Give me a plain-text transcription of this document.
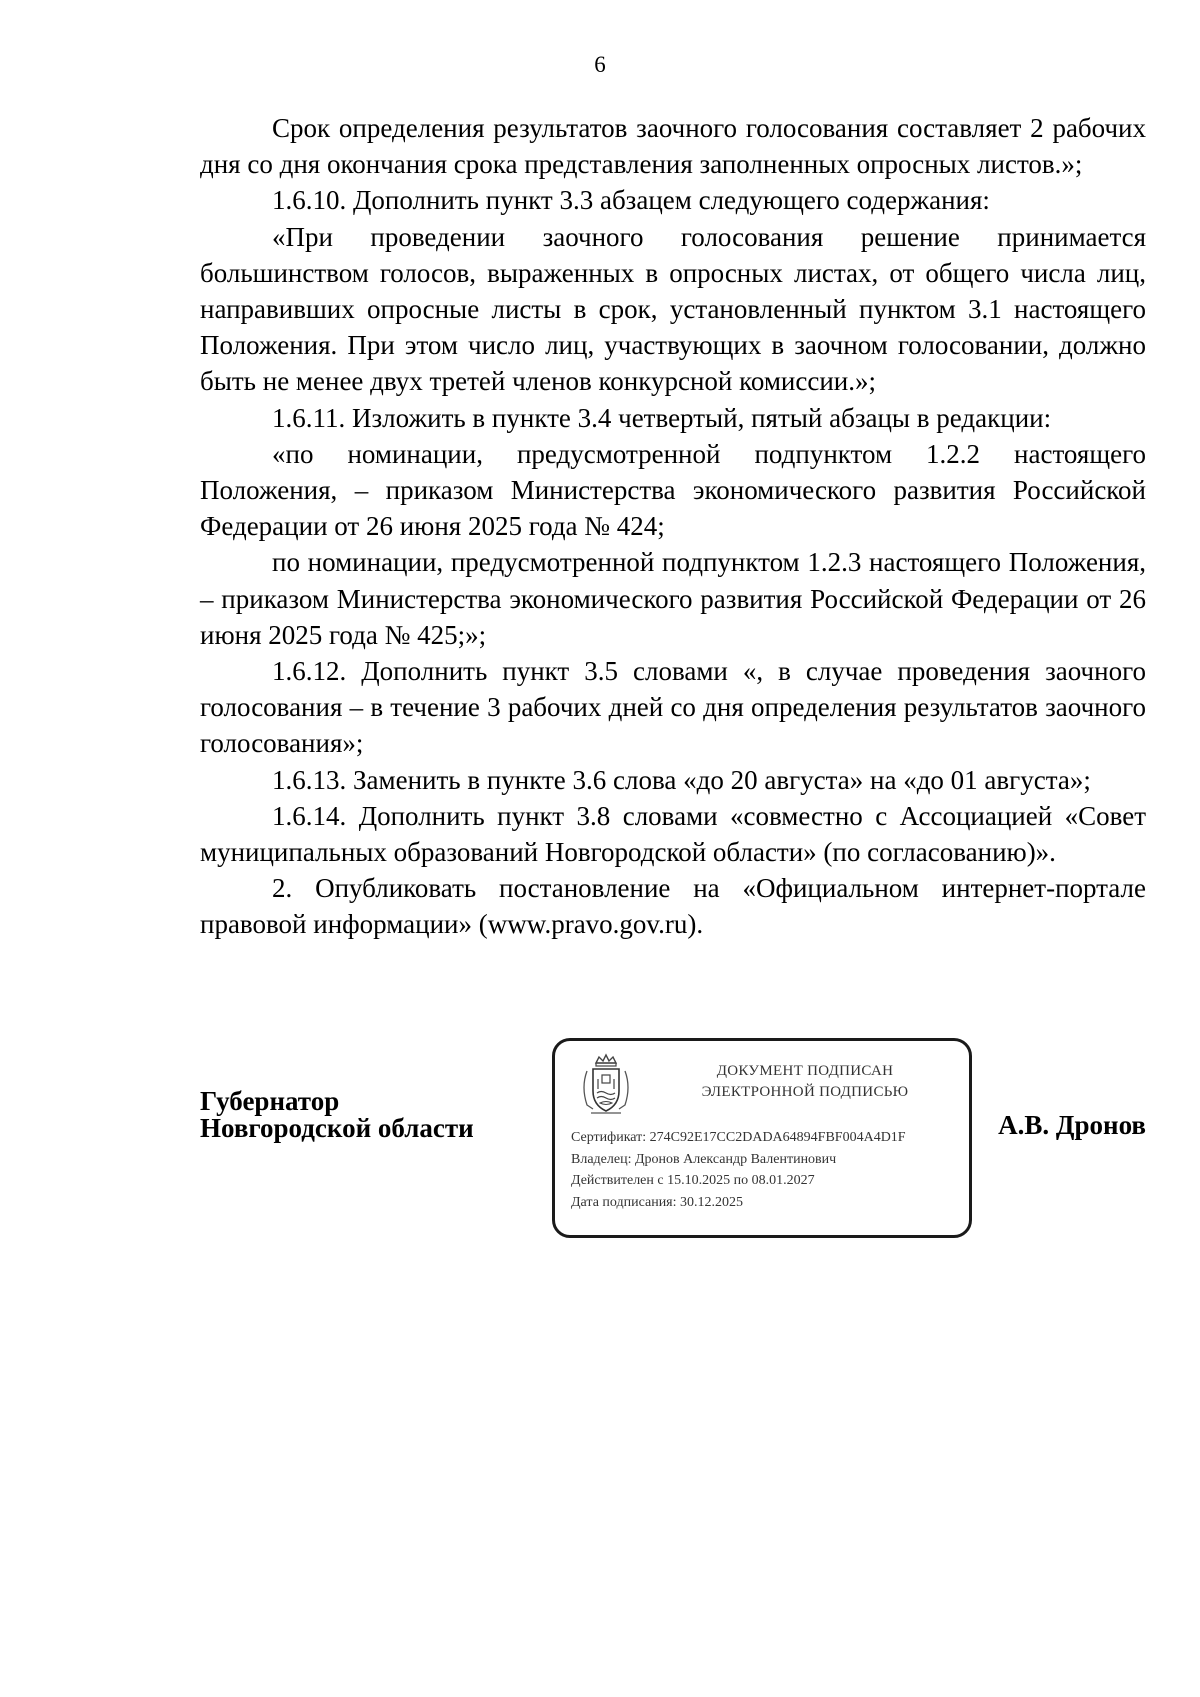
6

Срок определения результатов заочного голосования составляет 2 рабочих дня со дня окончания срока представления заполненных опросных листов.»;

1.6.10. Дополнить пункт 3.3 абзацем следующего содержания:

«При проведении заочного голосования решение принимается большинством голосов, выраженных в опросных листах, от общего числа лиц, направивших опросные листы в срок, установленный пунктом 3.1 настоящего Положения. При этом число лиц, участвующих в заочном голосовании, должно быть не менее двух третей членов конкурсной комиссии.»;

1.6.11. Изложить в пункте 3.4 четвертый, пятый абзацы в редакции:

«по номинации, предусмотренной подпунктом 1.2.2 настоящего Положения, – приказом Министерства экономического развития Российской Федерации от 26 июня 2025 года № 424;

по номинации, предусмотренной подпунктом 1.2.3 настоящего Положения, – приказом Министерства экономического развития Российской Федерации от 26 июня 2025 года № 425;»;

1.6.12. Дополнить пункт 3.5 словами «, в случае проведения заочного голосования – в течение 3 рабочих дней со дня определения результатов заочного голосования»;

1.6.13. Заменить в пункте 3.6 слова «до 20 августа» на «до 01 августа»;

1.6.14. Дополнить пункт 3.8 словами «совместно с Ассоциацией «Совет муниципальных образований Новгородской области» (по согласованию)».

2. Опубликовать постановление на «Официальном интернет-портале правовой информации» (www.pravo.gov.ru).

Губернатор
Новгородской области
ДОКУМЕНТ ПОДПИСАН
ЭЛЕКТРОННОЙ ПОДПИСЬЮ
Сертификат: 274C92E17CC2DADA64894FBF004A4D1F
Владелец: Дронов Александр Валентинович
Действителен с 15.10.2025 по 08.01.2027
Дата подписания: 30.12.2025
А.В. Дронов
